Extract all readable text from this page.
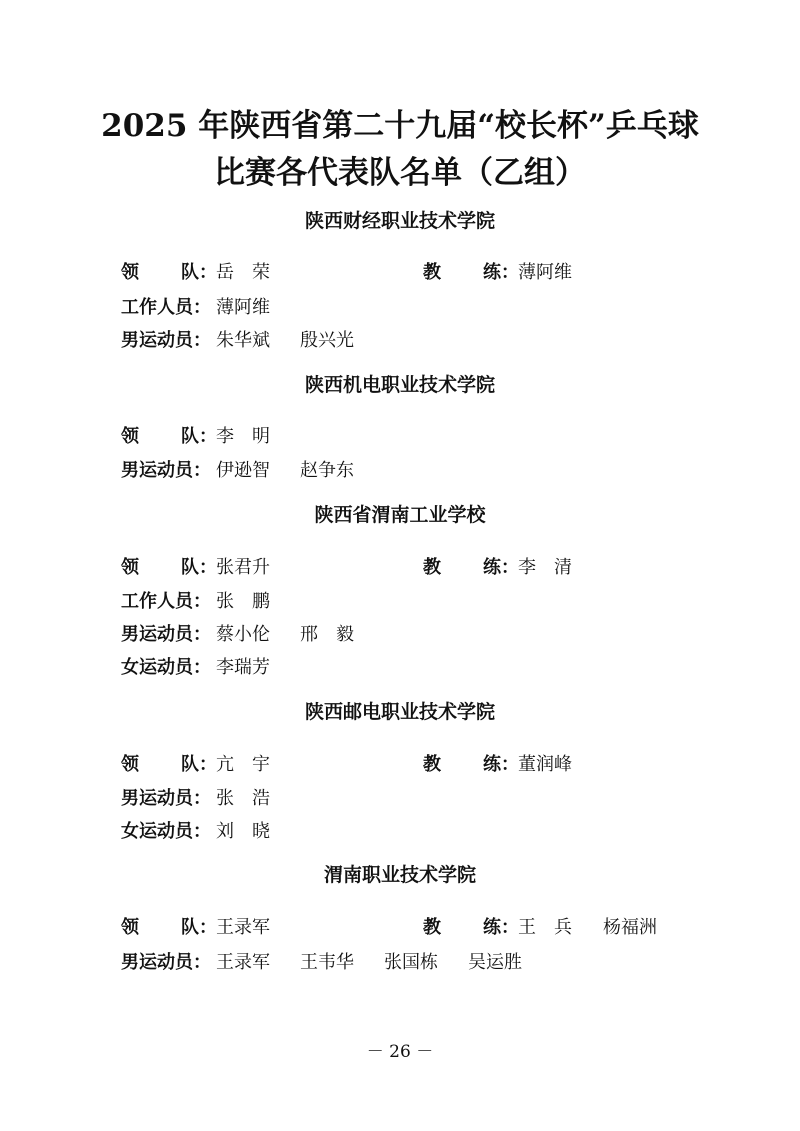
2025 年陕西省第二十九届“校长杯”乒乓球
比赛各代表队名单（乙组）
陕西财经职业技术学院
领 队： 岳　荣	教 练： 薄阿维
工作人员： 薄阿维
男运动员： 朱华斌 殷兴光
陕西机电职业技术学院
领 队： 李　明
男运动员： 伊逊智 赵争东
陕西省渭南工业学校
领 队： 张君升	教 练： 李　清
工作人员： 张　鹏
男运动员： 蔡小伦 邢　毅
女运动员： 李瑞芳
陕西邮电职业技术学院
领 队： 亢　宇	教 练： 董润峰
男运动员： 张　浩
女运动员： 刘　晓
渭南职业技术学院
领 队： 王录军	教 练： 王　兵 杨福洲
男运动员： 王录军 王韦华 张国栋 吴运胜
－ 26 －
